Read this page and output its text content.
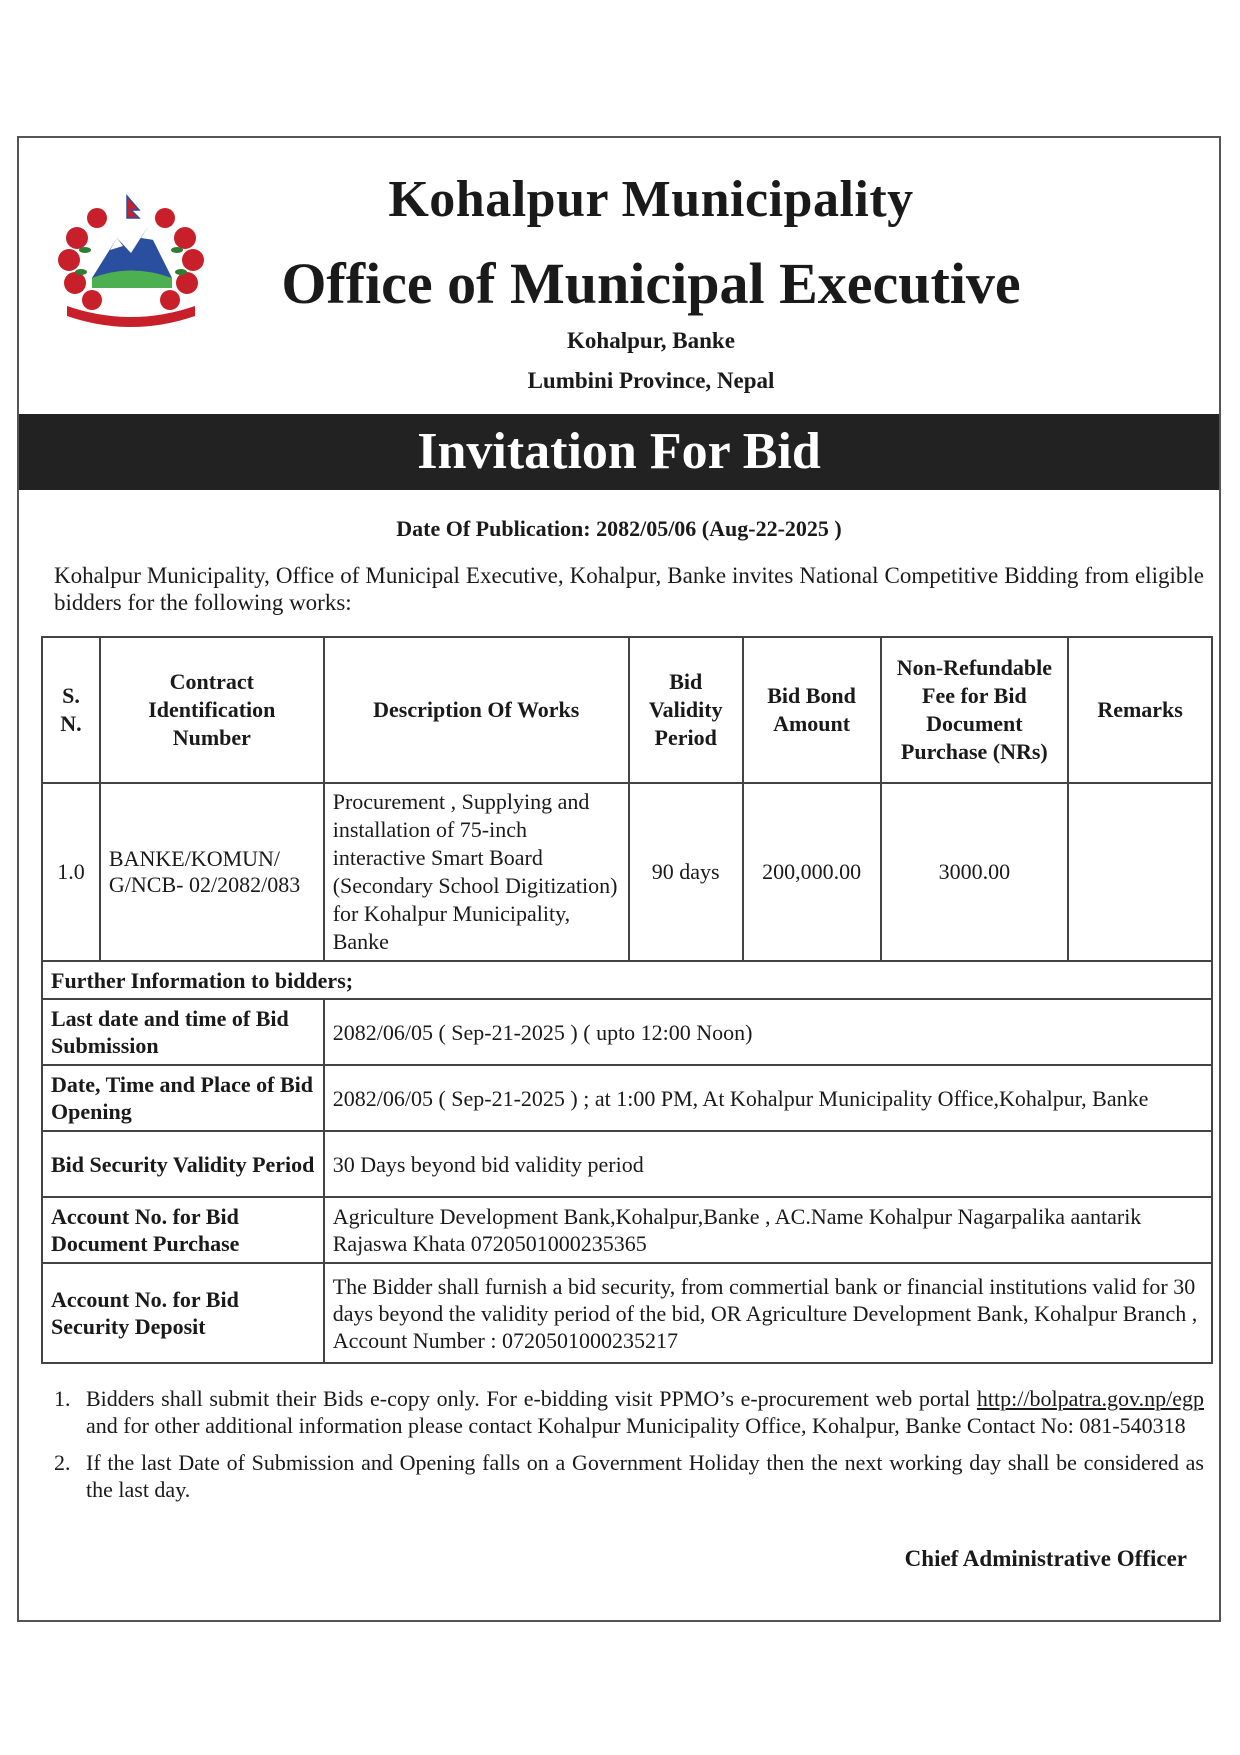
Kohalpur Municipality
Office of Municipal Executive
Kohalpur, Banke
Lumbini Province, Nepal
Invitation For Bid
Date Of Publication: 2082/05/06 (Aug-22-2025 )
Kohalpur Municipality, Office of Municipal Executive, Kohalpur, Banke invites National Competitive Bidding from eligible bidders for the following works:
S. N.	Contract Identification Number	Description Of Works	Bid Validity Period	Bid Bond Amount	Non-Refundable Fee for Bid Document Purchase (NRs)	Remarks
1.0	BANKE/KOMUN/ G/NCB- 02/2082/083	Procurement , Supplying and installation of 75-inch interactive Smart Board (Secondary School Digitization) for Kohalpur Municipality, Banke	90 days	200,000.00	3000.00	
Further Information to bidders;						
Last date and time of Bid Submission		2082/06/05 ( Sep-21-2025 ) ( upto 12:00 Noon)				
Date, Time and Place of Bid Opening		2082/06/05 ( Sep-21-2025 ) ; at 1:00 PM, At Kohalpur Municipality Office,Kohalpur, Banke				
Bid Security Validity Period		30 Days beyond bid validity period				
Account No. for Bid Document Purchase		Agriculture Development Bank,Kohalpur,Banke , AC.Name Kohalpur Nagarpalika aantarik Rajaswa Khata 0720501000235365				
Account No. for Bid Security Deposit		The Bidder shall furnish a bid security, from commertial bank or financial institutions valid for 30 days beyond the validity period of the bid, OR Agriculture Development Bank, Kohalpur Branch , Account Number : 0720501000235217				
1. Bidders shall submit their Bids e-copy only. For e-bidding visit PPMO’s e-procurement web portal http://bolpatra.gov.np/egp and for other additional information please contact Kohalpur Municipality Office, Kohalpur, Banke Contact No: 081-540318
2. If the last Date of Submission and Opening falls on a Government Holiday then the next working day shall be considered as the last day.
Chief Administrative Officer
